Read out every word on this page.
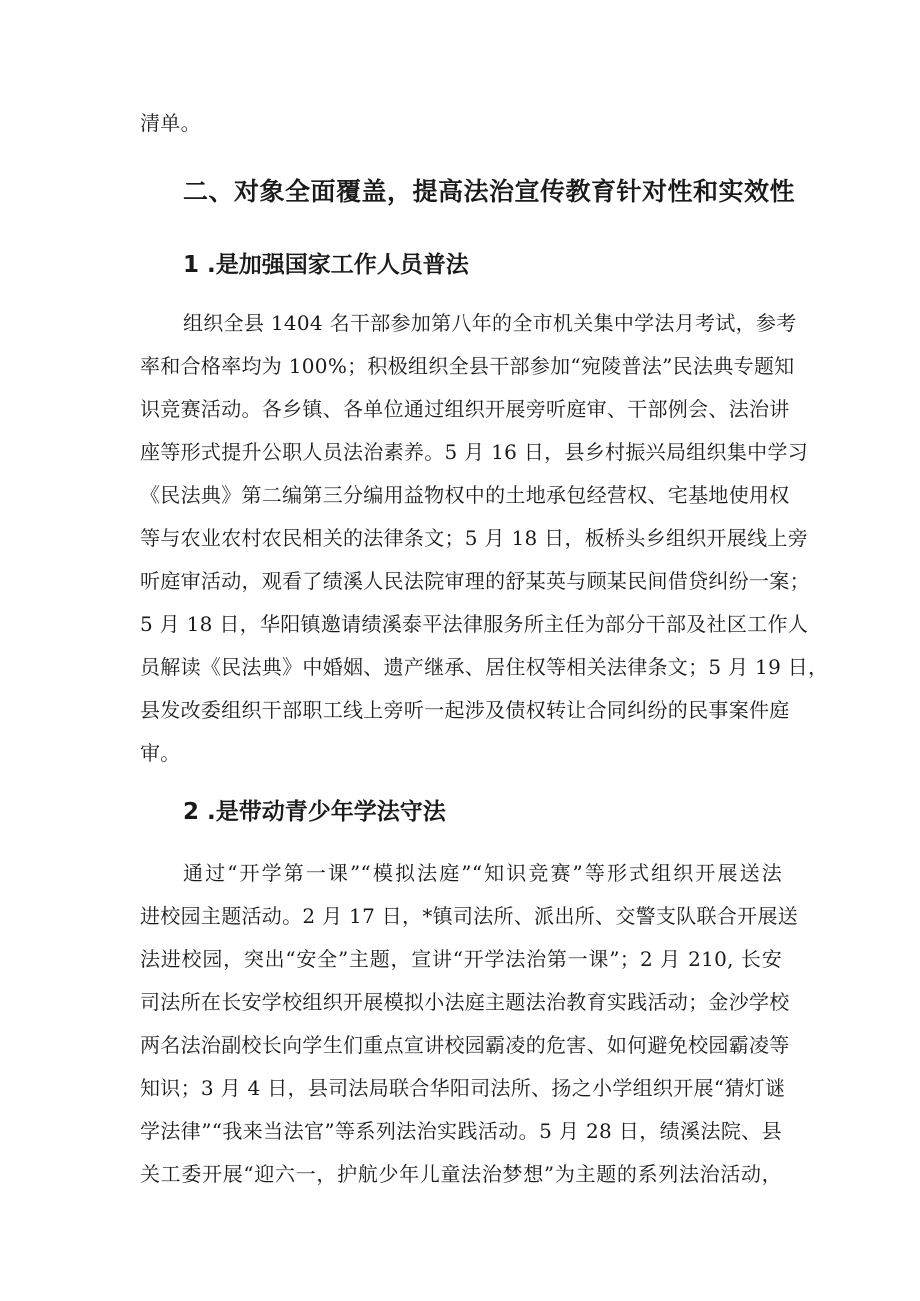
清单。
二、对象全面覆盖，提高法治宣传教育针对性和实效性
1 .是加强国家工作人员普法
组织全县 1404 名干部参加第八年的全市机关集中学法月考试，参考
率和合格率均为 100%；积极组织全县干部参加“宛陵普法”民法典专题知
识竞赛活动。各乡镇、各单位通过组织开展旁听庭审、干部例会、法治讲
座等形式提升公职人员法治素养。5 月 16 日，县乡村振兴局组织集中学习
《民法典》第二编第三分编用益物权中的土地承包经营权、宅基地使用权
等与农业农村农民相关的法律条文；5 月 18 日，板桥头乡组织开展线上旁
听庭审活动，观看了绩溪人民法院审理的舒某英与顾某民间借贷纠纷一案；
5 月 18 日，华阳镇邀请绩溪泰平法律服务所主任为部分干部及社区工作人
员解读《民法典》中婚姻、遗产继承、居住权等相关法律条文；5 月 19 日，
县发改委组织干部职工线上旁听一起涉及债权转让合同纠纷的民事案件庭
审。
2 .是带动青少年学法守法
通过“开学第一课”“模拟法庭”“知识竞赛”等形式组织开展送法
进校园主题活动。2 月 17 日，*镇司法所、派出所、交警支队联合开展送
法进校园，突出“安全”主题，宣讲“开学法治第一课”；2 月 210, 长安
司法所在长安学校组织开展模拟小法庭主题法治教育实践活动；金沙学校
两名法治副校长向学生们重点宣讲校园霸凌的危害、如何避免校园霸凌等
知识；3 月 4 日，县司法局联合华阳司法所、扬之小学组织开展“猜灯谜
学法律”“我来当法官”等系列法治实践活动。5 月 28 日，绩溪法院、县
关工委开展“迎六一，护航少年儿童法治梦想”为主题的系列法治活动，
